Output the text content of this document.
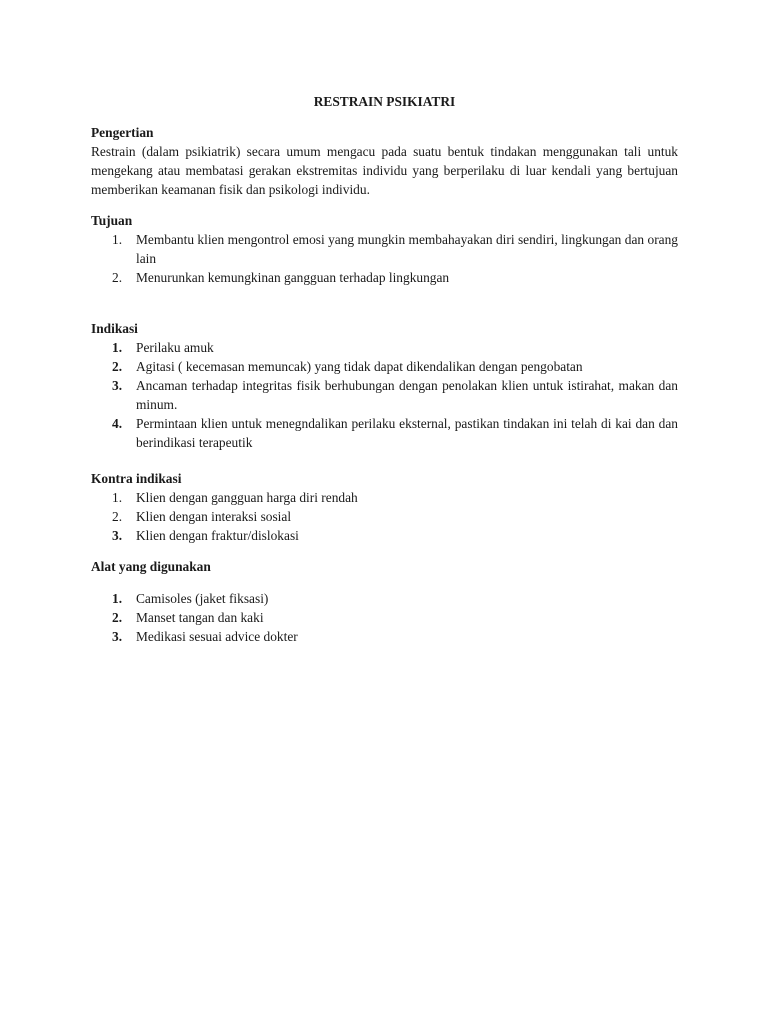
RESTRAIN PSIKIATRI
Pengertian
Restrain (dalam psikiatrik) secara umum mengacu pada suatu bentuk tindakan menggunakan tali untuk mengekang atau membatasi gerakan ekstremitas individu yang berperilaku di luar kendali yang bertujuan memberikan keamanan fisik dan psikologi individu.
Tujuan
1.	Membantu klien mengontrol emosi yang mungkin membahayakan diri sendiri, lingkungan dan orang lain
2.	Menurunkan kemungkinan gangguan terhadap lingkungan
Indikasi
1.	Perilaku amuk
2.	Agitasi ( kecemasan memuncak) yang tidak dapat dikendalikan dengan pengobatan
3.	Ancaman terhadap integritas fisik berhubungan dengan penolakan klien untuk istirahat, makan dan minum.
4.	Permintaan klien untuk menegndalikan perilaku eksternal, pastikan tindakan ini telah di kai dan dan berindikasi terapeutik
Kontra indikasi
1.	Klien dengan gangguan harga diri rendah
2.	Klien dengan interaksi sosial
3.	Klien dengan fraktur/dislokasi
Alat yang digunakan
1.	Camisoles (jaket fiksasi)
2.	Manset tangan dan kaki
3.	Medikasi sesuai advice dokter
